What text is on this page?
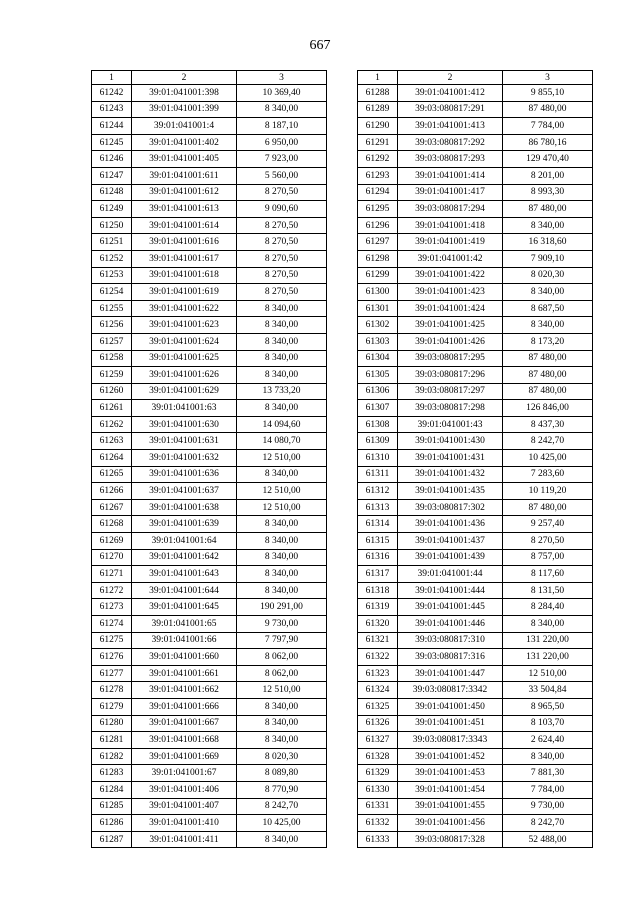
667
1	2	3
61242	39:01:041001:398	10 369,40
61243	39:01:041001:399	8 340,00
61244	39:01:041001:4	8 187,10
61245	39:01:041001:402	6 950,00
61246	39:01:041001:405	7 923,00
61247	39:01:041001:611	5 560,00
61248	39:01:041001:612	8 270,50
61249	39:01:041001:613	9 090,60
61250	39:01:041001:614	8 270,50
61251	39:01:041001:616	8 270,50
61252	39:01:041001:617	8 270,50
61253	39:01:041001:618	8 270,50
61254	39:01:041001:619	8 270,50
61255	39:01:041001:622	8 340,00
61256	39:01:041001:623	8 340,00
61257	39:01:041001:624	8 340,00
61258	39:01:041001:625	8 340,00
61259	39:01:041001:626	8 340,00
61260	39:01:041001:629	13 733,20
61261	39:01:041001:63	8 340,00
61262	39:01:041001:630	14 094,60
61263	39:01:041001:631	14 080,70
61264	39:01:041001:632	12 510,00
61265	39:01:041001:636	8 340,00
61266	39:01:041001:637	12 510,00
61267	39:01:041001:638	12 510,00
61268	39:01:041001:639	8 340,00
61269	39:01:041001:64	8 340,00
61270	39:01:041001:642	8 340,00
61271	39:01:041001:643	8 340,00
61272	39:01:041001:644	8 340,00
61273	39:01:041001:645	190 291,00
61274	39:01:041001:65	9 730,00
61275	39:01:041001:66	7 797,90
61276	39:01:041001:660	8 062,00
61277	39:01:041001:661	8 062,00
61278	39:01:041001:662	12 510,00
61279	39:01:041001:666	8 340,00
61280	39:01:041001:667	8 340,00
61281	39:01:041001:668	8 340,00
61282	39:01:041001:669	8 020,30
61283	39:01:041001:67	8 089,80
61284	39:01:041001:406	8 770,90
61285	39:01:041001:407	8 242,70
61286	39:01:041001:410	10 425,00
61287	39:01:041001:411	8 340,00
1	2	3
61288	39:01:041001:412	9 855,10
61289	39:03:080817:291	87 480,00
61290	39:01:041001:413	7 784,00
61291	39:03:080817:292	86 780,16
61292	39:03:080817:293	129 470,40
61293	39:01:041001:414	8 201,00
61294	39:01:041001:417	8 993,30
61295	39:03:080817:294	87 480,00
61296	39:01:041001:418	8 340,00
61297	39:01:041001:419	16 318,60
61298	39:01:041001:42	7 909,10
61299	39:01:041001:422	8 020,30
61300	39:01:041001:423	8 340,00
61301	39:01:041001:424	8 687,50
61302	39:01:041001:425	8 340,00
61303	39:01:041001:426	8 173,20
61304	39:03:080817:295	87 480,00
61305	39:03:080817:296	87 480,00
61306	39:03:080817:297	87 480,00
61307	39:03:080817:298	126 846,00
61308	39:01:041001:43	8 437,30
61309	39:01:041001:430	8 242,70
61310	39:01:041001:431	10 425,00
61311	39:01:041001:432	7 283,60
61312	39:01:041001:435	10 119,20
61313	39:03:080817:302	87 480,00
61314	39:01:041001:436	9 257,40
61315	39:01:041001:437	8 270,50
61316	39:01:041001:439	8 757,00
61317	39:01:041001:44	8 117,60
61318	39:01:041001:444	8 131,50
61319	39:01:041001:445	8 284,40
61320	39:01:041001:446	8 340,00
61321	39:03:080817:310	131 220,00
61322	39:03:080817:316	131 220,00
61323	39:01:041001:447	12 510,00
61324	39:03:080817:3342	33 504,84
61325	39:01:041001:450	8 965,50
61326	39:01:041001:451	8 103,70
61327	39:03:080817:3343	2 624,40
61328	39:01:041001:452	8 340,00
61329	39:01:041001:453	7 881,30
61330	39:01:041001:454	7 784,00
61331	39:01:041001:455	9 730,00
61332	39:01:041001:456	8 242,70
61333	39:03:080817:328	52 488,00
